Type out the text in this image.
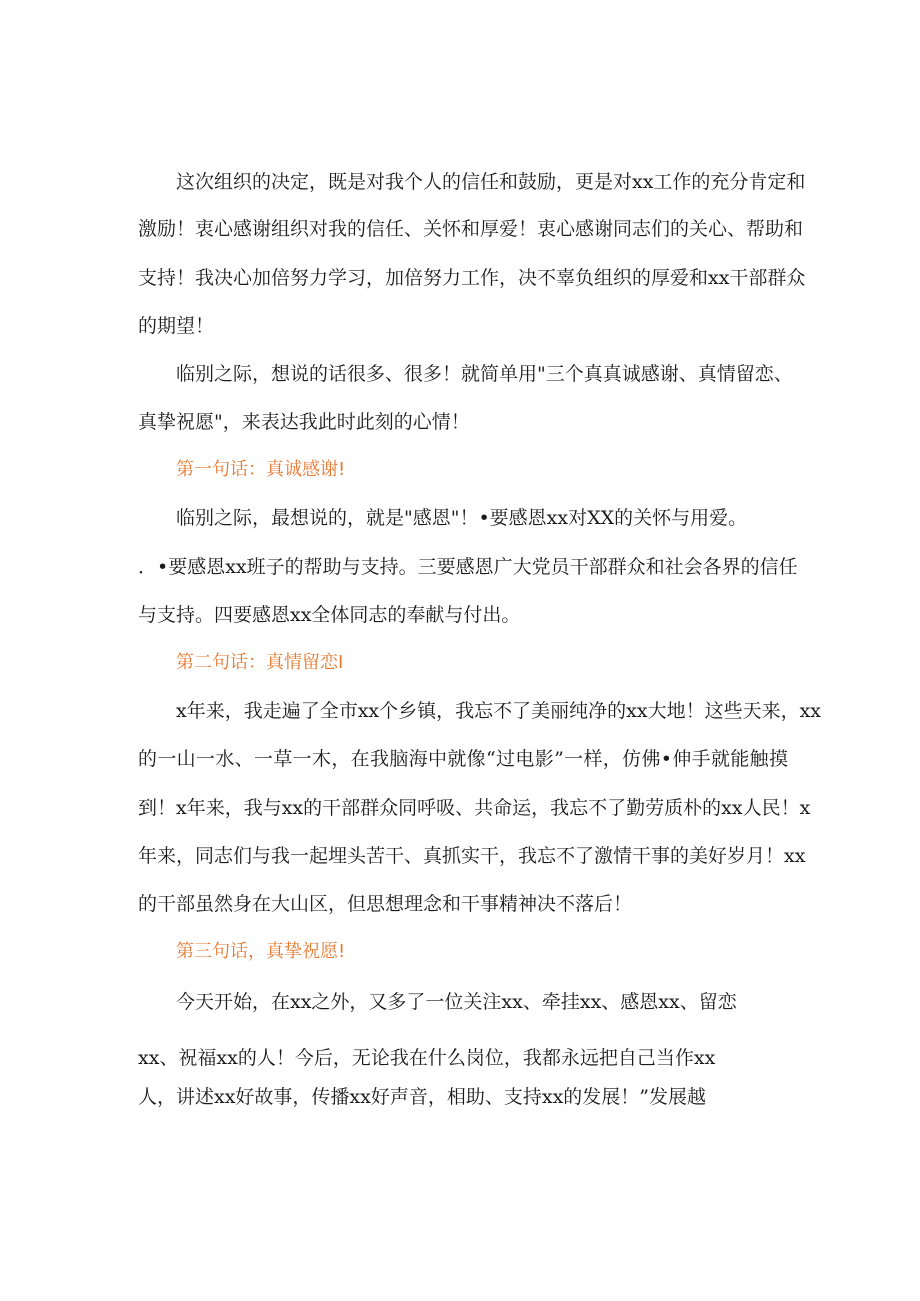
这次组织的决定，既是对我个人的信任和鼓励，更是对xx工作的充分肯定和
激励！衷心感谢组织对我的信任、关怀和厚爱！衷心感谢同志们的关心、帮助和
支持！我决心加倍努力学习，加倍努力工作，决不辜负组织的厚爱和xx干部群众
的期望！
临别之际，想说的话很多、很多！就简单用"三个真真诚感谢、真情留恋、
真挚祝愿"，来表达我此时此刻的心情！
第一句话：真诚感谢!
临别之际，最想说的，就是"感恩"！•要感恩xx对XX的关怀与用爱。
．•要感恩xx班子的帮助与支持。三要感恩广大党员干部群众和社会各界的信任
与支持。四要感恩xx全体同志的奉献与付出。
第二句话：真情留恋I
x年来，我走遍了全市xx个乡镇，我忘不了美丽纯净的xx大地！这些天来，xx
的一山一水、一草一木，在我脑海中就像“过电影”一样，仿佛•伸手就能触摸
到！x年来，我与xx的干部群众同呼吸、共命运，我忘不了勤劳质朴的xx人民！x
年来，同志们与我一起埋头苦干、真抓实干，我忘不了激情干事的美好岁月！xx
的干部虽然身在大山区，但思想理念和干事精神决不落后！
第三句话，真挚祝愿!
今天开始，在xx之外，又多了一位关注xx、牵挂xx、感恩xx、留恋
xx、祝福xx的人！今后，无论我在什么岗位，我都永远把自己当作xx
人，讲述xx好故事，传播xx好声音，相助、支持xx的发展！”发展越
